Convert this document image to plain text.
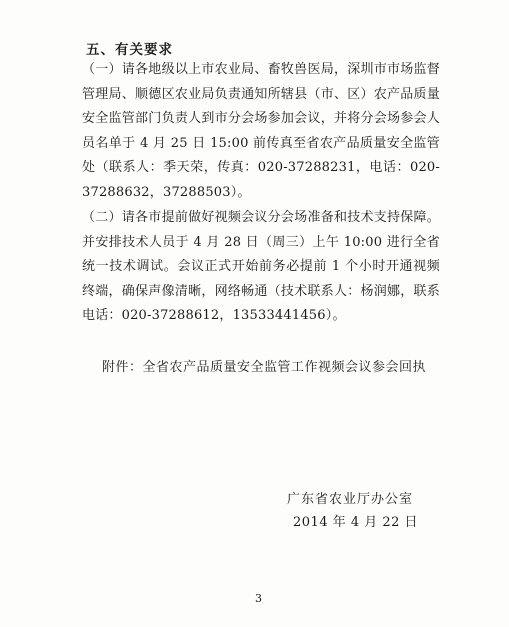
五、有关要求
（一）请各地级以上市农业局、畜牧兽医局，深圳市市场监督管理局、顺德区农业局负责通知所辖县（市、区）农产品质量安全监管部门负责人到市分会场参加会议，并将分会场参会人员名单于 4 月 25 日 15:00 前传真至省农产品质量安全监管处（联系人：季天荣，传真：020-37288231，电话：020-37288632，37288503）。
（二）请各市提前做好视频会议分会场准备和技术支持保障。并安排技术人员于 4 月 28 日（周三）上午 10:00 进行全省统一技术调试。会议正式开始前务必提前 1 个小时开通视频终端，确保声像清晰，网络畅通（技术联系人：杨润娜，联系电话：020-37288612，13533441456）。
附件：全省农产品质量安全监管工作视频会议参会回执
广东省农业厅办公室
2014 年 4 月 22 日
3
